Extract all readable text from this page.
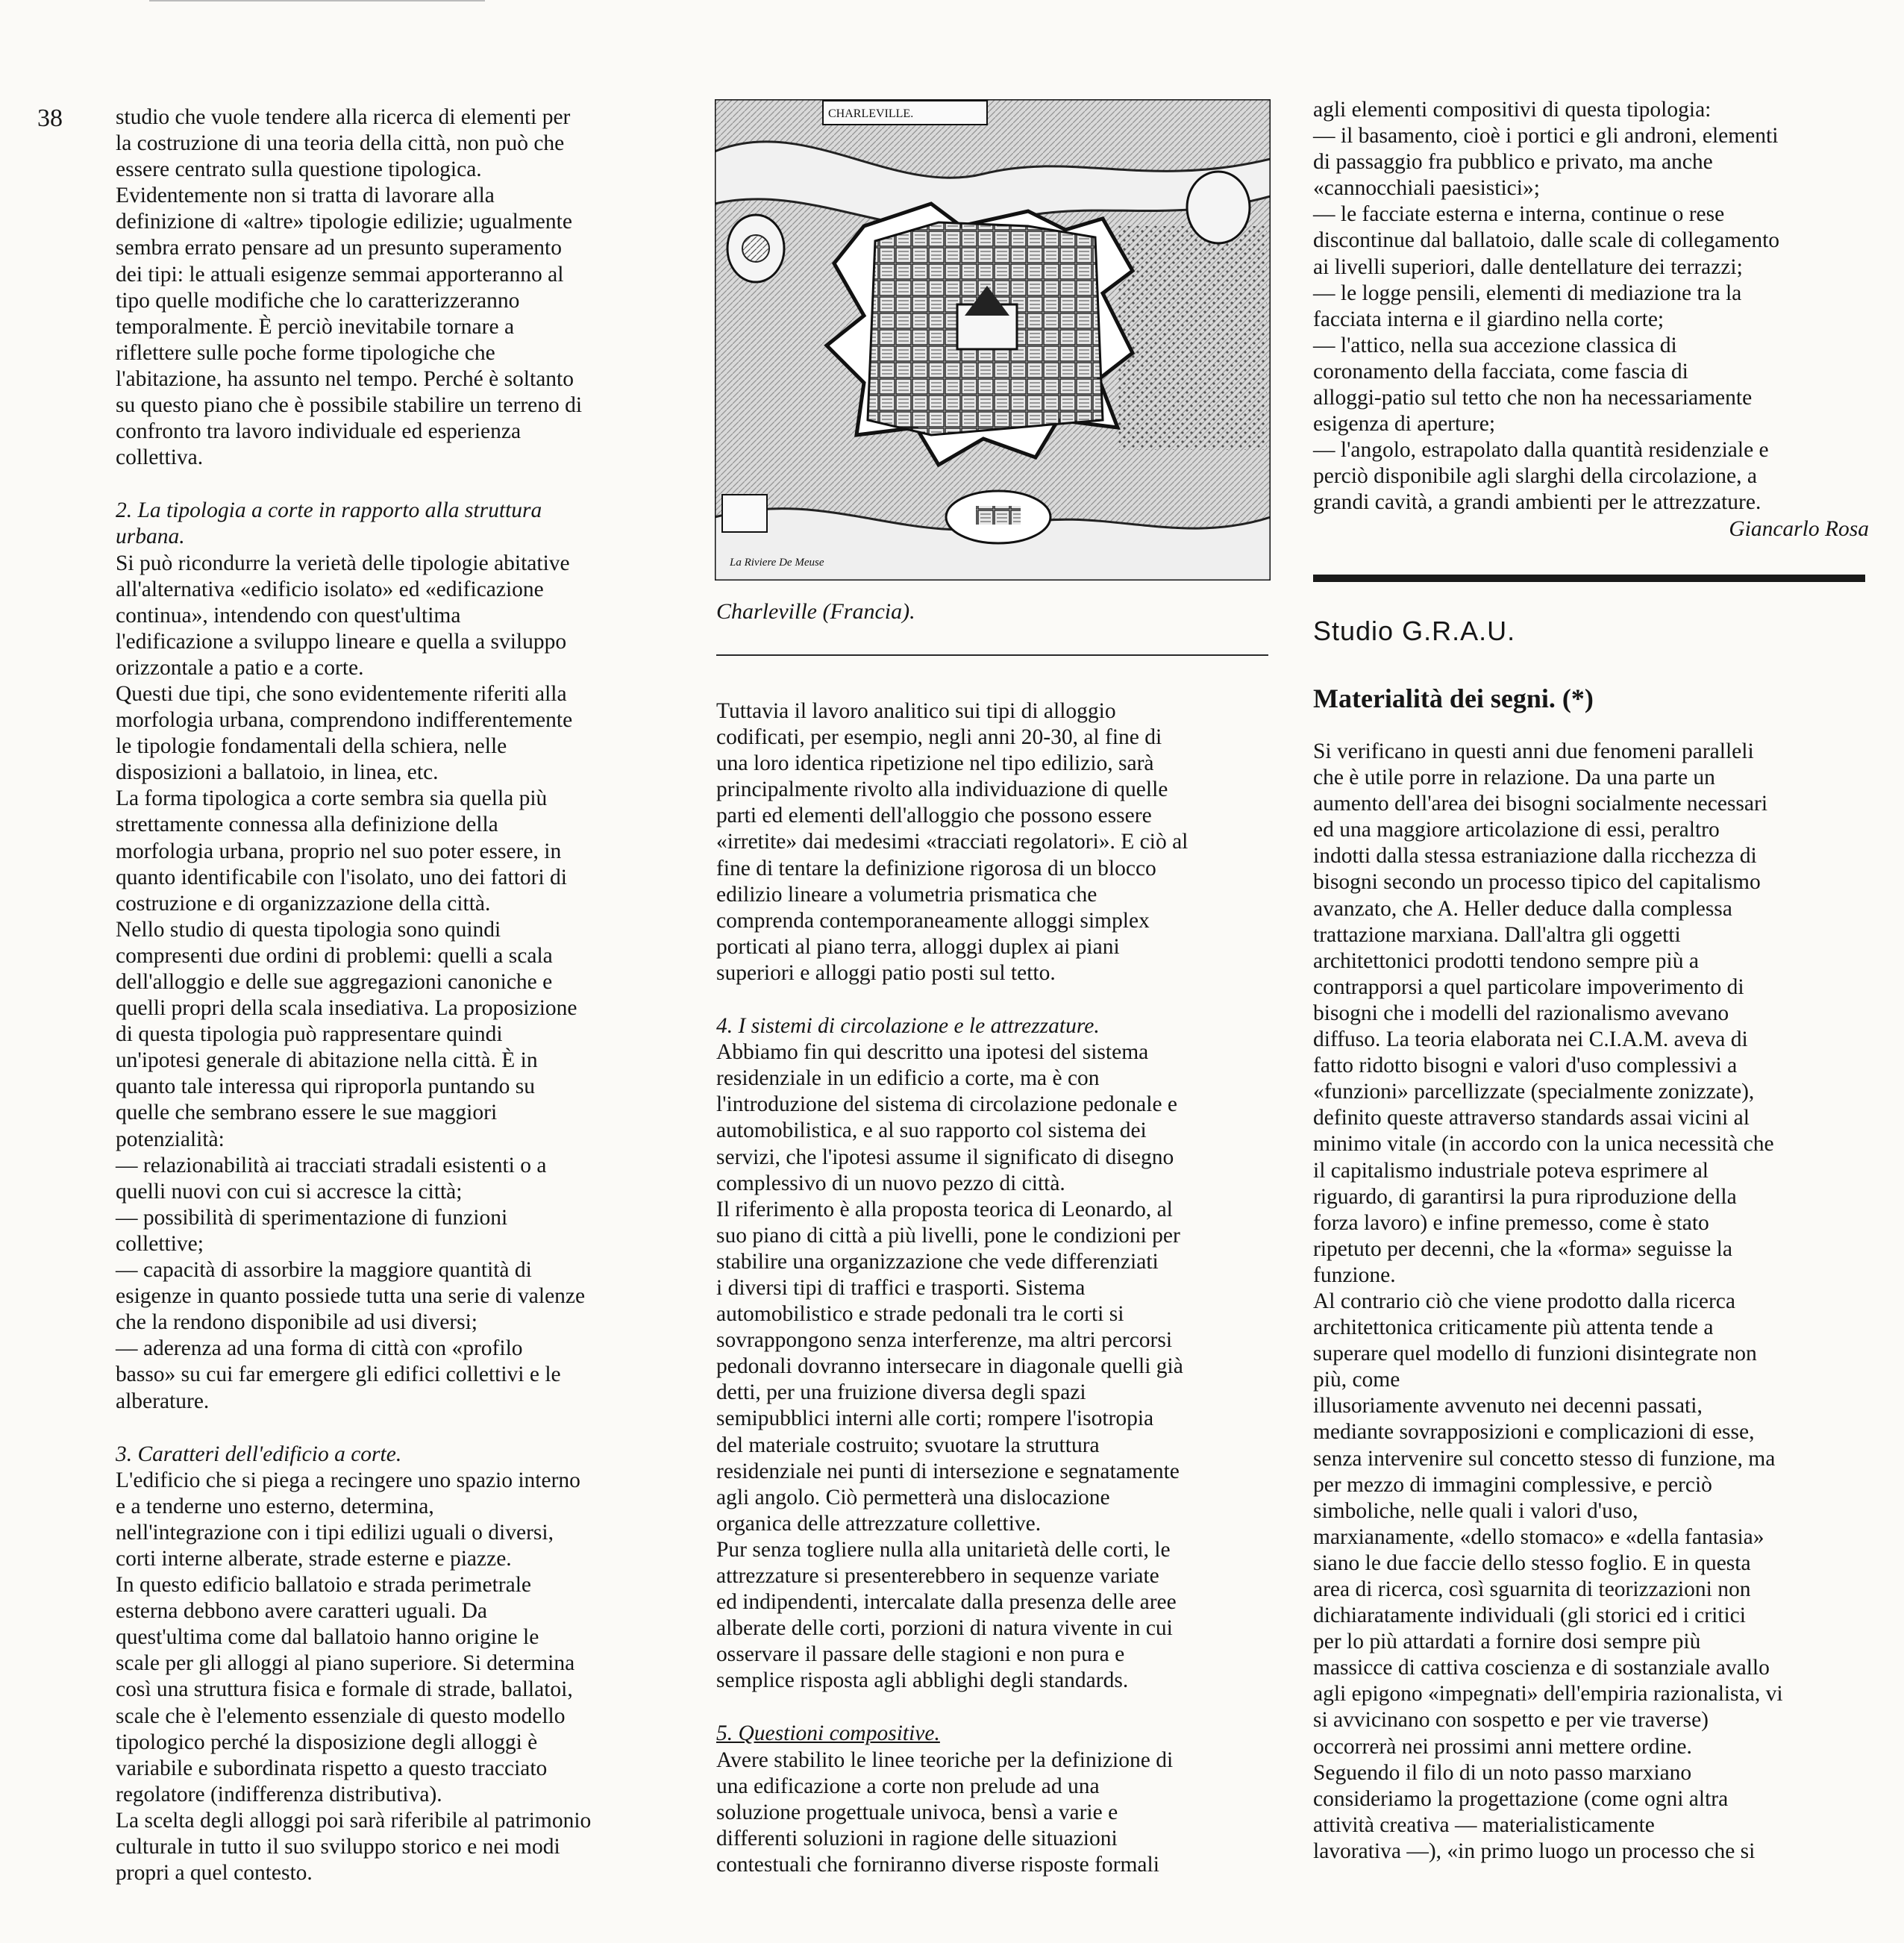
38 studio che vuole tendere alla ricerca di elementi per
la costruzione di una teoria della città, non può che
essere centrato sulla questione tipologica.
Evidentemente non si tratta di lavorare alla
definizione di «altre» tipologie edilizie; ugualmente
sembra errato pensare ad un presunto superamento
dei tipi: le attuali esigenze semmai apporteranno al
tipo quelle modifiche che lo caratterizzeranno
temporalmente. È perciò inevitabile tornare a
riflettere sulle poche forme tipologiche che
l'abitazione, ha assunto nel tempo. Perché è soltanto
su questo piano che è possibile stabilire un terreno di
confronto tra lavoro individuale ed esperienza
collettiva.

2. La tipologia a corte in rapporto alla struttura
urbana.

Si può ricondurre la verietà delle tipologie abitative
all'alternativa «edificio isolato» ed «edificazione
continua», intendendo con quest'ultima
l'edificazione a sviluppo lineare e quella a sviluppo
orizzontale a patio e a corte.
Questi due tipi, che sono evidentemente riferiti alla
morfologia urbana, comprendono indifferentemente
le tipologie fondamentali della schiera, nelle
disposizioni a ballatoio, in linea, etc.
La forma tipologica a corte sembra sia quella più
strettamente connessa alla definizione della
morfologia urbana, proprio nel suo poter essere, in
quanto identificabile con l'isolato, uno dei fattori di
costruzione e di organizzazione della città.
Nello studio di questa tipologia sono quindi
compresenti due ordini di problemi: quelli a scala
dell'alloggio e delle sue aggregazioni canoniche e
quelli propri della scala insediativa. La proposizione
di questa tipologia può rappresentare quindi
un'ipotesi generale di abitazione nella città. È in
quanto tale interessa qui riproporla puntando su
quelle che sembrano essere le sue maggiori
potenzialità:
— relazionabilità ai tracciati stradali esistenti o a
quelli nuovi con cui si accresce la città;
— possibilità di sperimentazione di funzioni
collettive;
— capacità di assorbire la maggiore quantità di
esigenze in quanto possiede tutta una serie di valenze
che la rendono disponibile ad usi diversi;
— aderenza ad una forma di città con «profilo
basso» su cui far emergere gli edifici collettivi e le
alberature.

3. Caratteri dell'edificio a corte.

L'edificio che si piega a recingere uno spazio interno
e a tenderne uno esterno, determina,
nell'integrazione con i tipi edilizi uguali o diversi,
corti interne alberate, strade esterne e piazze.
In questo edificio ballatoio e strada perimetrale
esterna debbono avere caratteri uguali. Da
quest'ultima come dal ballatoio hanno origine le
scale per gli alloggi al piano superiore. Si determina
così una struttura fisica e formale di strade, ballatoi,
scale che è l'elemento essenziale di questo modello
tipologico perché la disposizione degli alloggi è
variabile e subordinata rispetto a questo tracciato
regolatore (indifferenza distributiva).
La scelta degli alloggi poi sarà riferibile al patrimonio
culturale in tutto il suo sviluppo storico e nei modi
propri a quel contesto.
CHARLEVILLE.
La Riviere De Meuse
Charleville (Francia).
Tuttavia il lavoro analitico sui tipi di alloggio
codificati, per esempio, negli anni 20-30, al fine di
una loro identica ripetizione nel tipo edilizio, sarà
principalmente rivolto alla individuazione di quelle
parti ed elementi dell'alloggio che possono essere
«irretite» dai medesimi «tracciati regolatori». E ciò al
fine di tentare la definizione rigorosa di un blocco
edilizio lineare a volumetria prismatica che
comprenda contemporaneamente alloggi simplex
porticati al piano terra, alloggi duplex ai piani
superiori e alloggi patio posti sul tetto.

4. I sistemi di circolazione e le attrezzature.

Abbiamo fin qui descritto una ipotesi del sistema
residenziale in un edificio a corte, ma è con
l'introduzione del sistema di circolazione pedonale e
automobilistica, e al suo rapporto col sistema dei
servizi, che l'ipotesi assume il significato di disegno
complessivo di un nuovo pezzo di città.
Il riferimento è alla proposta teorica di Leonardo, al
suo piano di città a più livelli, pone le condizioni per
stabilire una organizzazione che vede differenziati
i diversi tipi di traffici e trasporti. Sistema
automobilistico e strade pedonali tra le corti si
sovrappongono senza interferenze, ma altri percorsi
pedonali dovranno intersecare in diagonale quelli già
detti, per una fruizione diversa degli spazi
semipubblici interni alle corti; rompere l'isotropia
del materiale costruito; svuotare la struttura
residenziale nei punti di intersezione e segnatamente
agli angolo. Ciò permetterà una dislocazione
organica delle attrezzature collettive.
Pur senza togliere nulla alla unitarietà delle corti, le
attrezzature si presenterebbero in sequenze variate
ed indipendenti, intercalate dalla presenza delle aree
alberate delle corti, porzioni di natura vivente in cui
osservare il passare delle stagioni e non pura e
semplice risposta agli abblighi degli standards.

5. Questioni compositive.

Avere stabilito le linee teoriche per la definizione di
una edificazione a corte non prelude ad una
soluzione progettuale univoca, bensì a varie e
differenti soluzioni in ragione delle situazioni
contestuali che forniranno diverse risposte formali
agli elementi compositivi di questa tipologia:
— il basamento, cioè i portici e gli androni, elementi
di passaggio fra pubblico e privato, ma anche
«cannocchiali paesistici»;
— le facciate esterna e interna, continue o rese
discontinue dal ballatoio, dalle scale di collegamento
ai livelli superiori, dalle dentellature dei terrazzi;
— le logge pensili, elementi di mediazione tra la
facciata interna e il giardino nella corte;
— l'attico, nella sua accezione classica di
coronamento della facciata, come fascia di
alloggi-patio sul tetto che non ha necessariamente
esigenza di aperture;
— l'angolo, estrapolato dalla quantità residenziale e
perciò disponibile agli slarghi della circolazione, a
grandi cavità, a grandi ambienti per le attrezzature.

Giancarlo Rosa

Studio G.R.A.U.
Materialità dei segni. (*)
Si verificano in questi anni due fenomeni paralleli
che è utile porre in relazione. Da una parte un
aumento dell'area dei bisogni socialmente necessari
ed una maggiore articolazione di essi, peraltro
indotti dalla stessa estraniazione dalla ricchezza di
bisogni secondo un processo tipico del capitalismo
avanzato, che A. Heller deduce dalla complessa
trattazione marxiana. Dall'altra gli oggetti
architettonici prodotti tendono sempre più a
contrapporsi a quel particolare impoverimento di
bisogni che i modelli del razionalismo avevano
diffuso. La teoria elaborata nei C.I.A.M. aveva di
fatto ridotto bisogni e valori d'uso complessivi a
«funzioni» parcellizzate (specialmente zonizzate),
definito queste attraverso standards assai vicini al
minimo vitale (in accordo con la unica necessità che
il capitalismo industriale poteva esprimere al
riguardo, di garantirsi la pura riproduzione della
forza lavoro) e infine premesso, come è stato
ripetuto per decenni, che la «forma» seguisse la
funzione.
Al contrario ciò che viene prodotto dalla ricerca
architettonica criticamente più attenta tende a
superare quel modello di funzioni disintegrate non
più, come
illusoriamente avvenuto nei decenni passati,
mediante sovrapposizioni e complicazioni di esse,
senza intervenire sul concetto stesso di funzione, ma
per mezzo di immagini complessive, e perciò
simboliche, nelle quali i valori d'uso,
marxianamente, «dello stomaco» e «della fantasia»
siano le due faccie dello stesso foglio. E in questa
area di ricerca, così sguarnita di teorizzazioni non
dichiaratamente individuali (gli storici ed i critici
per lo più attardati a fornire dosi sempre più
massicce di cattiva coscienza e di sostanziale avallo
agli epigono «impegnati» dell'empiria razionalista, vi
si avvicinano con sospetto e per vie traverse)
occorrerà nei prossimi anni mettere ordine.
Seguendo il filo di un noto passo marxiano
consideriamo la progettazione (come ogni altra
attività creativa — materialisticamente
lavorativa —), «in primo luogo un processo che si
